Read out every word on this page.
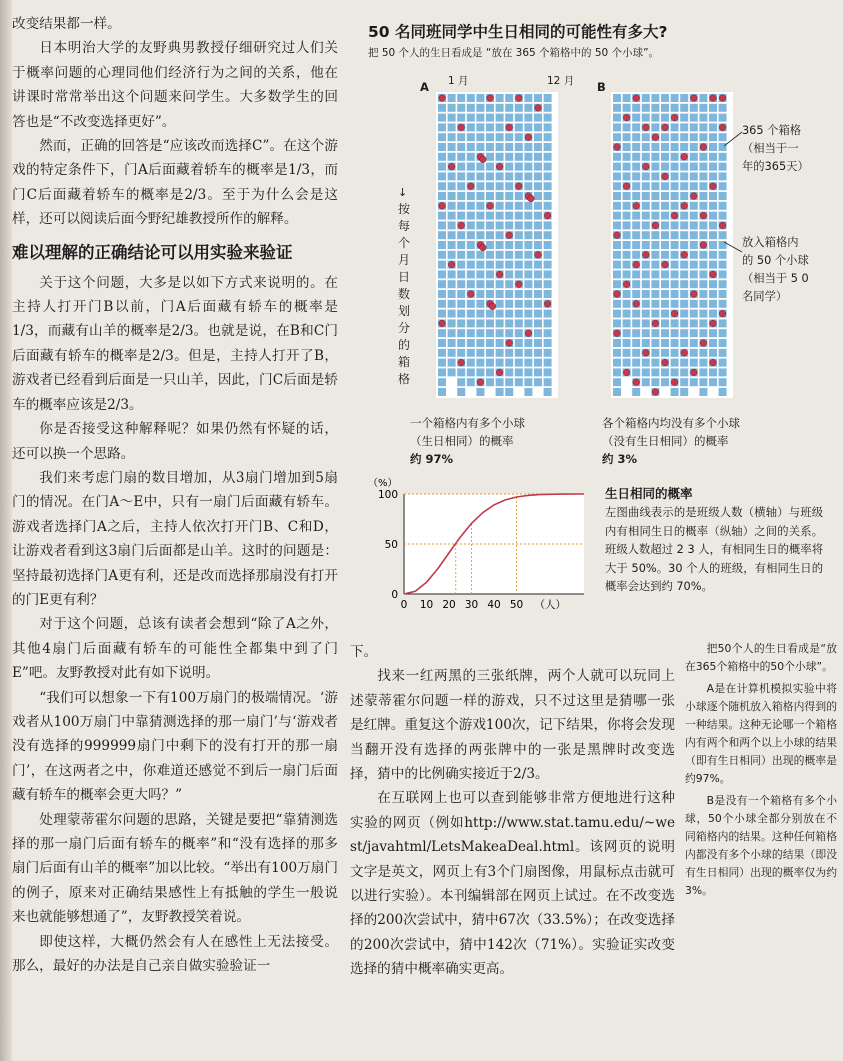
改变结果都一样。

日本明治大学的友野典男教授仔细研究过人们关于概率问题的心理同他们经济行为之间的关系，他在讲课时常常举出这个问题来问学生。大多数学生的回答也是“不改变选择更好”。

然而，正确的回答是“应该改而选择C”。在这个游戏的特定条件下，门A后面藏着轿车的概率是1/3，而门C后面藏着轿车的概率是2/3。至于为什么会是这样，还可以阅读后面今野纪雄教授所作的解释。

难以理解的正确结论可以用实验来验证

关于这个问题，大多是以如下方式来说明的。在主持人打开门B以前，门A后面藏有轿车的概率是1/3，而藏有山羊的概率是2/3。也就是说，在B和C门后面藏有轿车的概率是2/3。但是，主持人打开了B，游戏者已经看到后面是一只山羊，因此，门C后面是轿车的概率应该是2/3。

你是否接受这种解释呢？如果仍然有怀疑的话，还可以换一个思路。

我们来考虑门扇的数目增加，从3扇门增加到5扇门的情况。在门A～E中，只有一扇门后面藏有轿车。游戏者选择门A之后，主持人依次打开门B、C和D，让游戏者看到这3扇门后面都是山羊。这时的问题是：坚持最初选择门A更有利，还是改而选择那扇没有打开的门E更有利？

对于这个问题，总该有读者会想到“除了A之外，其他4扇门后面藏有轿车的可能性全都集中到了门E”吧。友野教授对此有如下说明。

“我们可以想象一下有100万扇门的极端情况。‘游戏者从100万扇门中靠猜测选择的那一扇门’与‘游戏者没有选择的999999扇门中剩下的没有打开的那一扇门’，在这两者之中，你难道还感觉不到后一扇门后面藏有轿车的概率会更大吗？”

处理蒙蒂霍尔问题的思路，关键是要把“靠猜测选择的那一扇门后面有轿车的概率”和“没有选择的那多扇门后面有山羊的概率”加以比较。“举出有100万扇门的例子，原来对正确结果感性上有抵触的学生一般说来也就能够想通了”，友野教授笑着说。

即使这样，大概仍然会有人在感性上无法接受。那么，最好的办法是自己亲自做实验验证一

50 名同班同学中生日相同的可能性有多大?
把 50 个人的生日看成是 “放在 365 个箱格中的 50 个小球”。
A	B
1 月	12 月
↓
按每个月日数划分的箱格
365 个箱格
（相当于一
年的365天）
放入箱格内
的 50 个小球
（相当于 5 0
名同学）
一个箱格内有多个小球
（生日相同）的概率
约 97%
各个箱格内均没有多个小球
（没有生日相同）的概率
约 3%
（%）
0
50
100
0 10 20 30 40 50 （人）
生日相同的概率
左图曲线表示的是班级人数（横轴）与班级内有相同生日的概率（纵轴）之间的关系。班级人数超过 2 3 人，有相同生日的概率将大于 50%。30 个人的班级，有相同生日的概率会达到约 70%。

下。

找来一红两黑的三张纸牌，两个人就可以玩同上述蒙蒂霍尔问题一样的游戏，只不过这里是猜哪一张是红牌。重复这个游戏100次，记下结果，你将会发现当翻开没有选择的两张牌中的一张是黑牌时改变选择，猜中的比例确实接近于2/3。

在互联网上也可以查到能够非常方便地进行这种实验的网页（例如http://www.stat.tamu.edu/~west/javahtml/LetsMakeaDeal.html。该网页的说明文字是英文，网页上有3个门扇图像，用鼠标点击就可以进行实验）。本刊编辑部在网页上试过。在不改变选择的200次尝试中，猜中67次（33.5%）；在改变选择的200次尝试中，猜中142次（71%）。实验证实改变选择的猜中概率确实更高。

把50个人的生日看成是“放在365个箱格中的50个小球”。

A是在计算机模拟实验中将小球逐个随机放入箱格内得到的一种结果。这种无论哪一个箱格内有两个和两个以上小球的结果（即有生日相同）出现的概率是约97%。

B是没有一个箱格有多个小球，50个小球全都分别放在不同箱格内的结果。这种任何箱格内都没有多个小球的结果（即没有生日相同）出现的概率仅为约3%。
